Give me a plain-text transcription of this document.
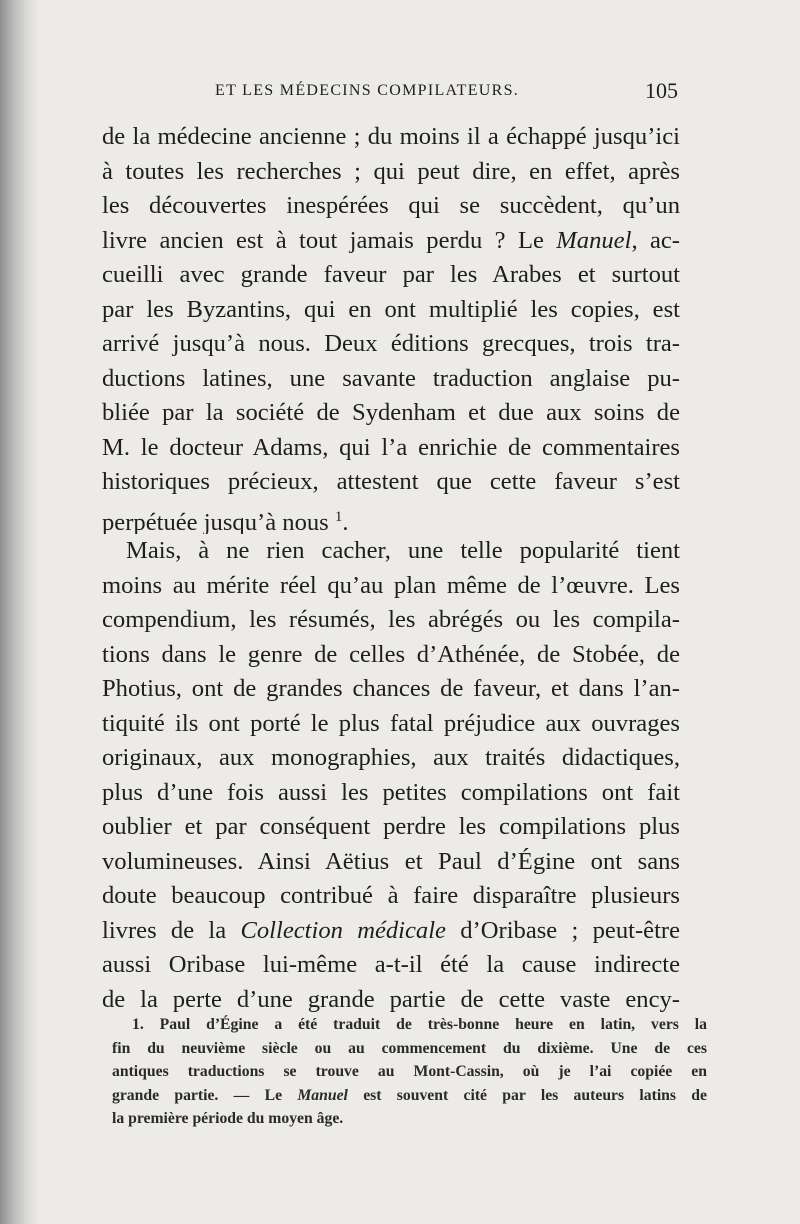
ET LES MÉDECINS COMPILATEURS.	105
de la médecine ancienne ; du moins il a échappé jusqu’ici
à toutes les recherches ; qui peut dire, en effet, après
les découvertes inespérées qui se succèdent, qu’un
livre ancien est à tout jamais perdu ? Le Manuel, ac-
cueilli avec grande faveur par les Arabes et surtout
par les Byzantins, qui en ont multiplié les copies, est
arrivé jusqu’à nous. Deux éditions grecques, trois tra-
ductions latines, une savante traduction anglaise pu-
bliée par la société de Sydenham et due aux soins de
M. le docteur Adams, qui l’a enrichie de commentaires
historiques précieux, attestent que cette faveur s’est
perpétuée jusqu’à nous $^1$.
Mais, à ne rien cacher, une telle popularité tient
moins au mérite réel qu’au plan même de l’œuvre. Les
compendium, les résumés, les abrégés ou les compila-
tions dans le genre de celles d’Athénée, de Stobée, de
Photius, ont de grandes chances de faveur, et dans l’an-
tiquité ils ont porté le plus fatal préjudice aux ouvrages
originaux, aux monographies, aux traités didactiques,
plus d’une fois aussi les petites compilations ont fait
oublier et par conséquent perdre les compilations plus
volumineuses. Ainsi Aëtius et Paul d’Égine ont sans
doute beaucoup contribué à faire disparaître plusieurs
livres de la Collection médicale d’Oribase ; peut-être
aussi Oribase lui-même a-t-il été la cause indirecte
de la perte d’une grande partie de cette vaste ency-
1. Paul d’Égine a été traduit de très-bonne heure en latin, vers la
fin du neuvième siècle ou au commencement du dixième. Une de ces
antiques traductions se trouve au Mont-Cassin, où je l’ai copiée en
grande partie. — Le Manuel est souvent cité par les auteurs latins de
la première période du moyen âge.
